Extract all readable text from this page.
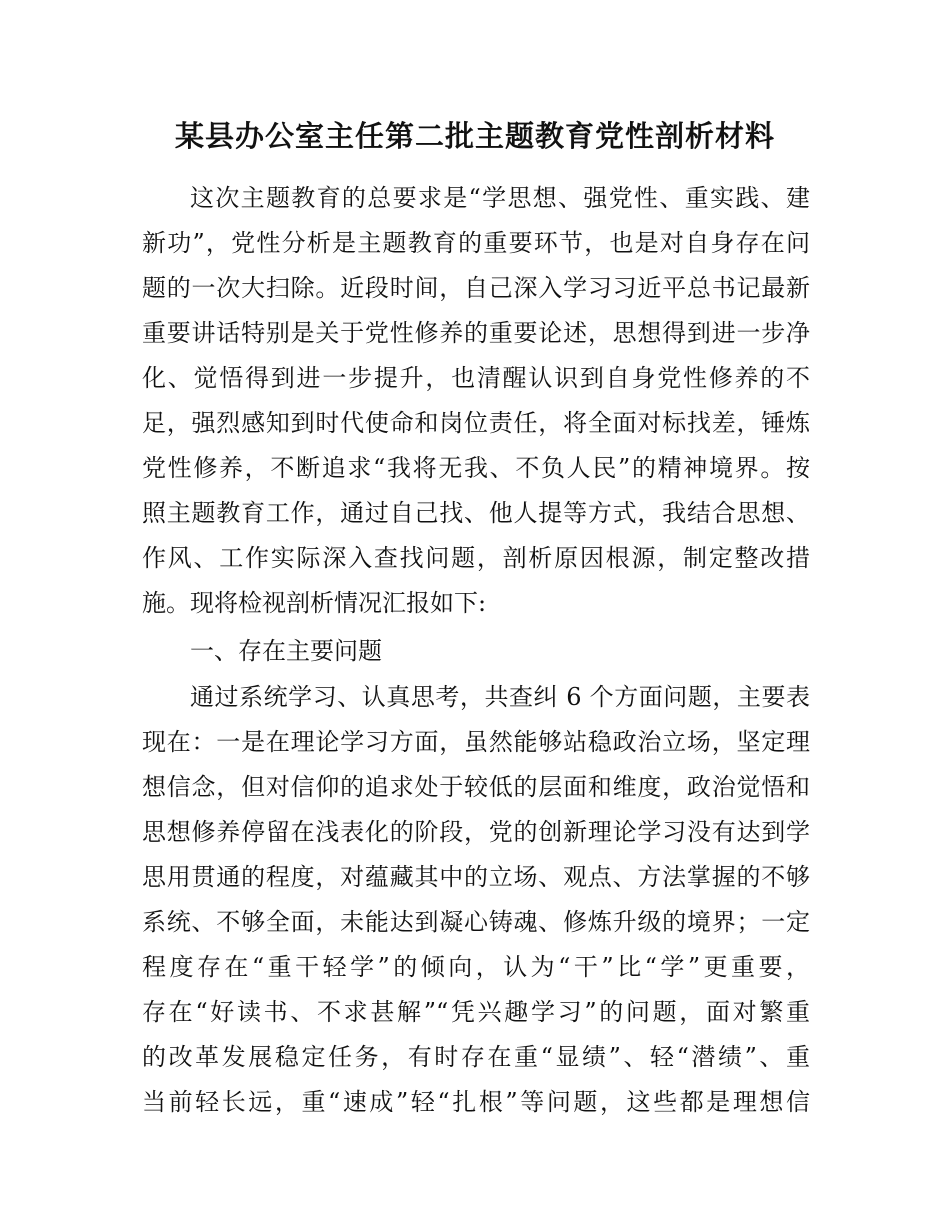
某县办公室主任第二批主题教育党性剖析材料

这次主题教育的总要求是“学思想、强党性、重实践、建

新功”，党性分析是主题教育的重要环节，也是对自身存在问

题的一次大扫除。近段时间，自己深入学习习近平总书记最新

重要讲话特别是关于党性修养的重要论述，思想得到进一步净

化、觉悟得到进一步提升，也清醒认识到自身党性修养的不

足，强烈感知到时代使命和岗位责任，将全面对标找差，锤炼

党性修养，不断追求“我将无我、不负人民”的精神境界。按

照主题教育工作，通过自己找、他人提等方式，我结合思想、

作风、工作实际深入查找问题，剖析原因根源，制定整改措

施。现将检视剖析情况汇报如下:

一、存在主要问题

通过系统学习、认真思考，共查纠 6 个方面问题，主要表

现在：一是在理论学习方面，虽然能够站稳政治立场，坚定理

想信念，但对信仰的追求处于较低的层面和维度，政治觉悟和

思想修养停留在浅表化的阶段，党的创新理论学习没有达到学

思用贯通的程度，对蕴藏其中的立场、观点、方法掌握的不够

系统、不够全面，未能达到凝心铸魂、修炼升级的境界；一定

程度存在“重干轻学”的倾向，认为“干”比“学”更重要，

存在“好读书、不求甚解”“凭兴趣学习”的问题，面对繁重

的改革发展稳定任务，有时存在重“显绩”、轻“潜绩”、重

当前轻长远，重“速成”轻“扎根”等问题，这些都是理想信
